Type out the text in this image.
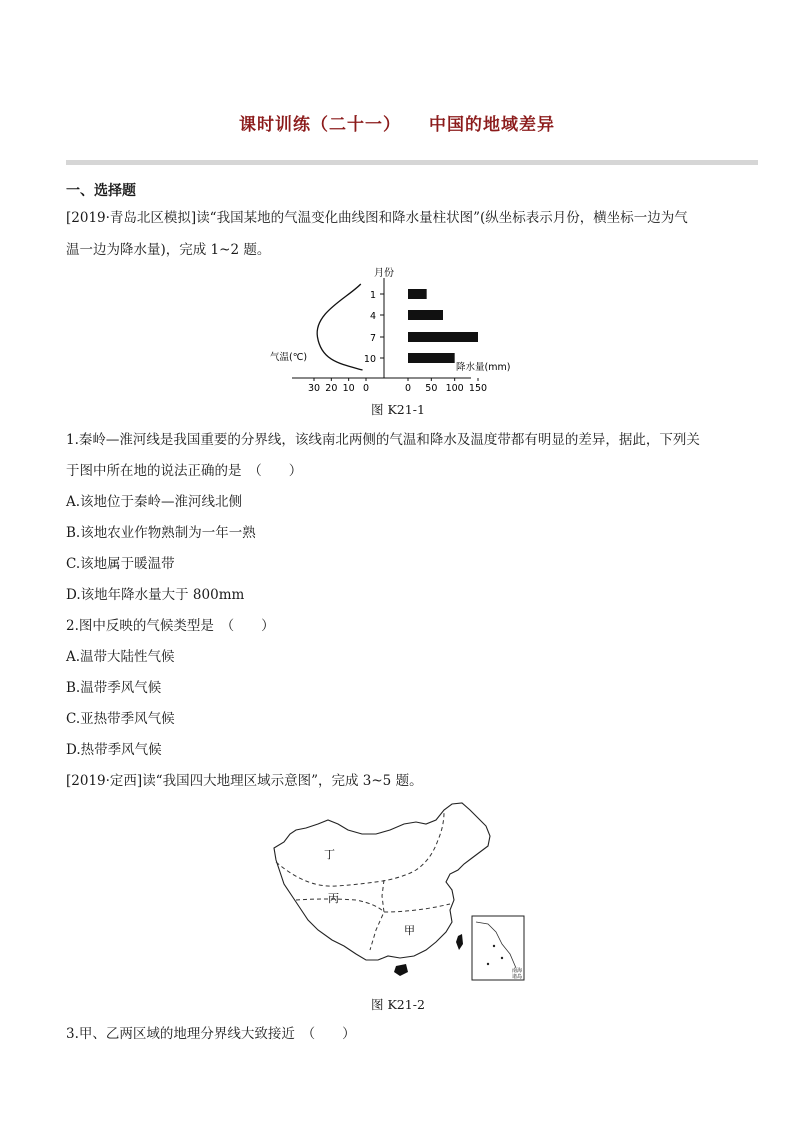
课时训练（二十一） 中国的地域差异
一、选择题
[2019·青岛北区模拟]读“我国某地的气温变化曲线图和降水量柱状图”(纵坐标表示月份，横坐标一边为气
温一边为降水量)，完成 1~2 题。
月份
1
4
7
10
0 50 100 150
降水量(mm)
30 20 10 0
气温(℃)
图 K21-1
1.秦岭—淮河线是我国重要的分界线，该线南北两侧的气温和降水及温度带都有明显的差异，据此，下列关
于图中所在地的说法正确的是　（　　）
A.该地位于秦岭—淮河线北侧
B.该地农业作物熟制为一年一熟
C.该地属于暖温带
D.该地年降水量大于 800mm
2.图中反映的气候类型是　（　　）
A.温带大陆性气候
B.温带季风气候
C.亚热带季风气候
D.热带季风气候
[2019·定西]读“我国四大地理区域示意图”，完成 3~5 题。
南海
诸岛
丁
丙
甲
图 K21-2
3.甲、乙两区域的地理分界线大致接近　（　　）
